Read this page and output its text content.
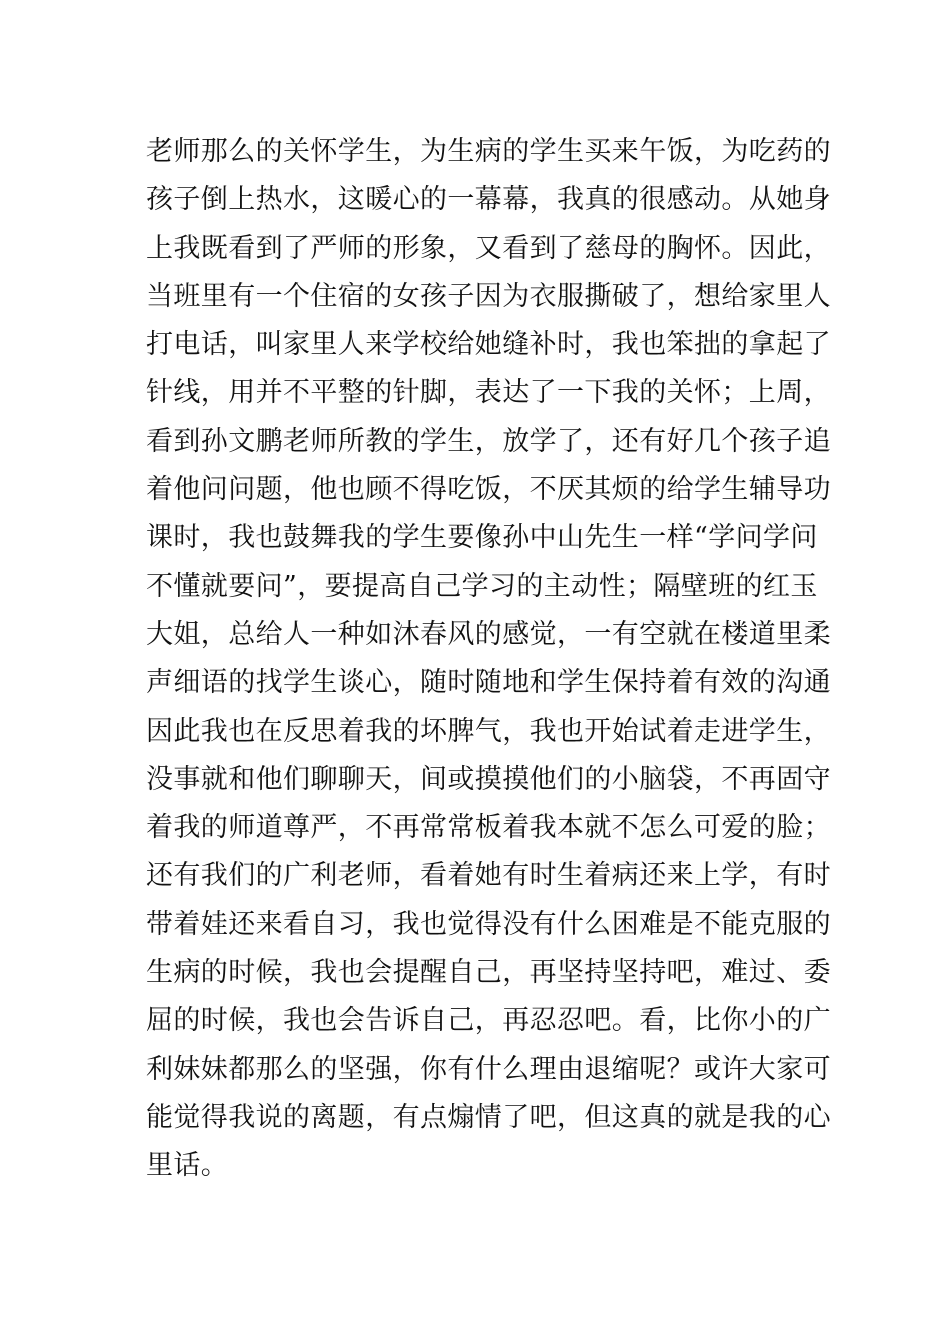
老师那么的关怀学生，为生病的学生买来午饭，为吃药的
孩子倒上热水，这暖心的一幕幕，我真的很感动。从她身
上我既看到了严师的形象，又看到了慈母的胸怀。因此，
当班里有一个住宿的女孩子因为衣服撕破了，想给家里人
打电话，叫家里人来学校给她缝补时，我也笨拙的拿起了
针线，用并不平整的针脚，表达了一下我的关怀；上周，
看到孙文鹏老师所教的学生，放学了，还有好几个孩子追
着他问问题，他也顾不得吃饭，不厌其烦的给学生辅导功
课时，我也鼓舞我的学生要像孙中山先生一样“学问学问
不懂就要问”，要提高自己学习的主动性；隔壁班的红玉
大姐，总给人一种如沐春风的感觉，一有空就在楼道里柔
声细语的找学生谈心，随时随地和学生保持着有效的沟通
因此我也在反思着我的坏脾气，我也开始试着走进学生，
没事就和他们聊聊天，间或摸摸他们的小脑袋，不再固守
着我的师道尊严，不再常常板着我本就不怎么可爱的脸；
还有我们的广利老师，看着她有时生着病还来上学，有时
带着娃还来看自习，我也觉得没有什么困难是不能克服的
生病的时候，我也会提醒自己，再坚持坚持吧，难过、委
屈的时候，我也会告诉自己，再忍忍吧。看，比你小的广
利妹妹都那么的坚强，你有什么理由退缩呢？或许大家可
能觉得我说的离题，有点煽情了吧，但这真的就是我的心
里话。
